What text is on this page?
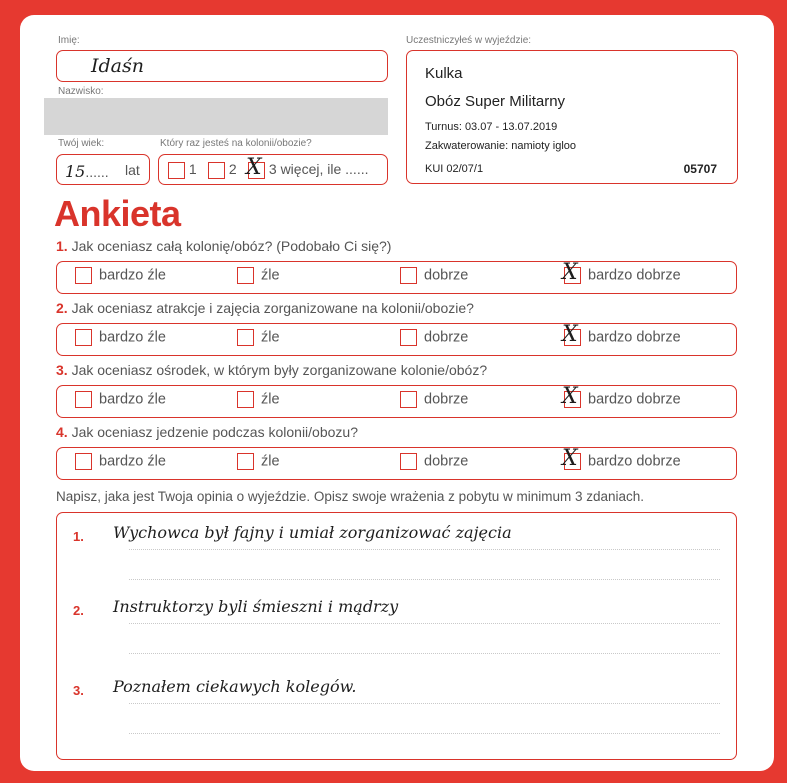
Imię:
Idaśn
Nazwisko:
Twój wiek:
15...... lat
Który raz jesteś na kolonii/obozie?
1	2 X 3 więcej, ile ......
Uczestniczyłeś w wyjeździe:
Kulka
Obóz Super Militarny
Turnus: 03.07 - 13.07.2019
Zakwaterowanie: namioty igloo
KUI 02/07/1	05707
Ankieta
1. Jak oceniasz całą kolonię/obóz? (Podobało Ci się?)
bardzo źle	źle	dobrze	X bardzo dobrze
2. Jak oceniasz atrakcje i zajęcia zorganizowane na kolonii/obozie?
bardzo źle	źle	dobrze	X bardzo dobrze
3. Jak oceniasz ośrodek, w którym były zorganizowane kolonie/obóz?
bardzo źle	źle	dobrze	X bardzo dobrze
4. Jak oceniasz jedzenie podczas kolonii/obozu?
bardzo źle	źle	dobrze	X bardzo dobrze
Napisz, jaka jest Twoja opinia o wyjeździe. Opisz swoje wrażenia z pobytu w minimum 3 zdaniach.
1. Wychowca był fajny i umiał zorganizować zajęcia
2. Instruktorzy byli śmieszni i mądrzy
3. Poznałem ciekawych kolegów.
